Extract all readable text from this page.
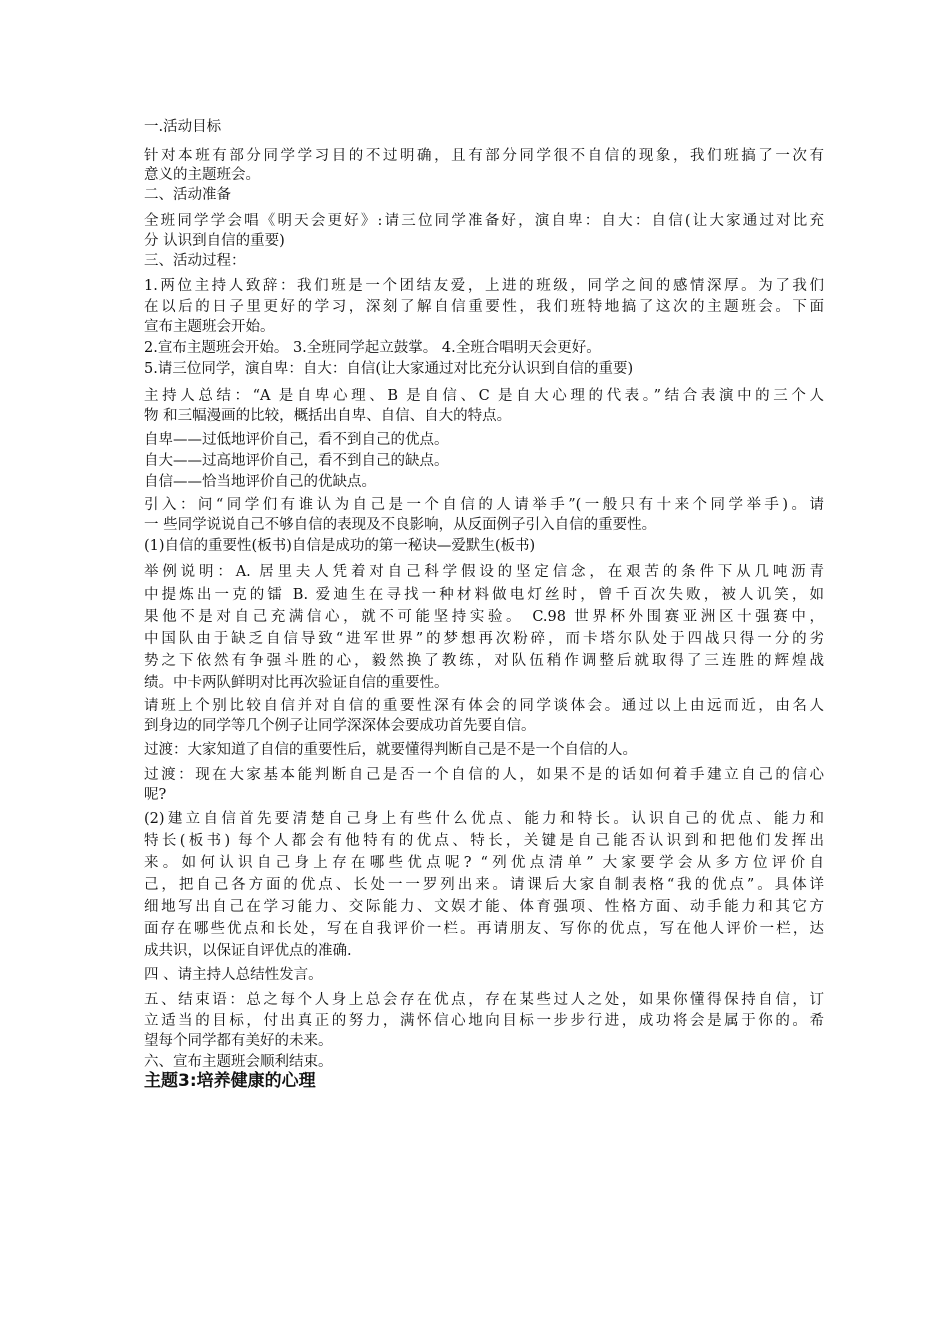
一.活动目标
针对本班有部分同学学习目的不过明确，且有部分同学很不自信的现象，我们班搞了一次有
意义的主题班会。
二、活动准备
全班同学学会唱《明天会更好》:请三位同学准备好，演自卑：自大：自信(让大家通过对比充
分 认识到自信的重要)
三、活动过程：
1.两位主持人致辞：我们班是一个团结友爱，上进的班级，同学之间的感情深厚。为了我们
在以后的日子里更好的学习，深刻了解自信重要性，我们班特地搞了这次的主题班会。下面
宣布主题班会开始。
2.宣布主题班会开始。 3.全班同学起立鼓掌。 4.全班合唱明天会更好。
5.请三位同学，演自卑：自大：自信(让大家通过对比充分认识到自信的重要)
主持人总结：“A 是自卑心理、B 是自信、C 是自大心理的代表。”结合表演中的三个人
物 和三幅漫画的比较，概括出自卑、自信、自大的特点。
自卑——过低地评价自己，看不到自己的优点。
自大——过高地评价自己，看不到自己的缺点。
自信——恰当地评价自己的优缺点。
引入：问“同学们有谁认为自己是一个自信的人请举手”(一般只有十来个同学举手)。请
一 些同学说说自己不够自信的表现及不良影响，从反面例子引入自信的重要性。
(1)自信的重要性(板书)自信是成功的第一秘诀—爱默生(板书)
举例说明：A. 居里夫人凭着对自己科学假设的坚定信念，在艰苦的条件下从几吨沥青
中提炼出一克的镭 B. 爱迪生在寻找一种材料做电灯丝时，曾千百次失败，被人讥笑，如
果他不是对自己充满信心，就不可能坚持实验。 C.98 世界杯外围赛亚洲区十强赛中，
中国队由于缺乏自信导致“进军世界”的梦想再次粉碎，而卡塔尔队处于四战只得一分的劣
势之下依然有争强斗胜的心，毅然换了教练，对队伍稍作调整后就取得了三连胜的辉煌战
绩。中卡两队鲜明对比再次验证自信的重要性。
请班上个别比较自信并对自信的重要性深有体会的同学谈体会。通过以上由远而近，由名人
到身边的同学等几个例子让同学深深体会要成功首先要自信。
过渡：大家知道了自信的重要性后，就要懂得判断自己是不是一个自信的人。
过渡：现在大家基本能判断自己是否一个自信的人，如果不是的话如何着手建立自己的信心
呢?
(2)建立自信首先要清楚自己身上有些什么优点、能力和特长。认识自己的优点、能力和
特长(板书) 每个人都会有他特有的优点、特长，关键是自己能否认识到和把他们发挥出
来。如何认识自己身上存在哪些优点呢? “列优点清单” 大家要学会从多方位评价自
己，把自己各方面的优点、长处一一罗列出来。请课后大家自制表格“我的优点”。具体详
细地写出自己在学习能力、交际能力、文娱才能、体育强项、性格方面、动手能力和其它方
面存在哪些优点和长处，写在自我评价一栏。再请朋友、写你的优点，写在他人评价一栏，达
成共识，以保证自评优点的准确.
四 、请主持人总结性发言。
五、结束语：总之每个人身上总会存在优点，存在某些过人之处，如果你懂得保持自信，订
立适当的目标，付出真正的努力，满怀信心地向目标一步步行进，成功将会是属于你的。希
望每个同学都有美好的未来。
六、宣布主题班会顺利结束。
主题3:培养健康的心理
